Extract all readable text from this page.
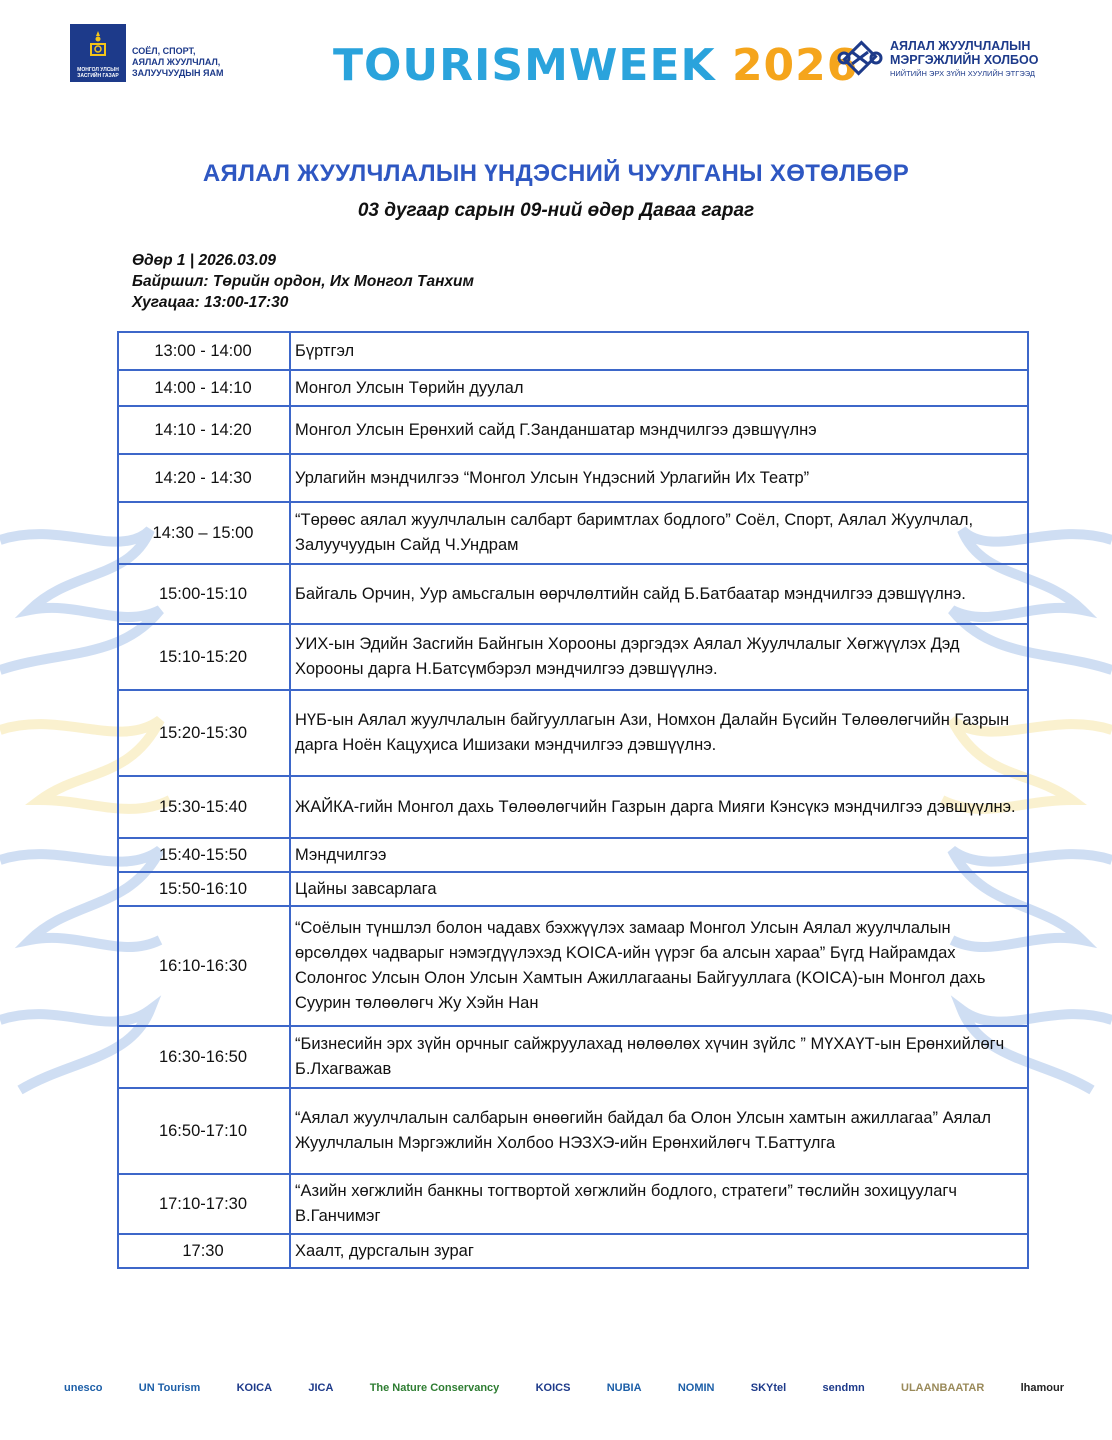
МОНГОЛ УЛСЫН ЗАСГИЙН ГАЗАР
СОЁЛ, СПОРТ,
АЯЛАЛ ЖУУЛЧЛАЛ,
ЗАЛУУЧУУДЫН ЯАМ TOURISMWEEK 2026	АЯЛАЛ ЖУУЛЧЛАЛЫН
МЭРГЭЖЛИЙН ХОЛБОО
НИЙТИЙН ЭРХ ЗҮЙН ХУУЛИЙН ЭТГЭЭД
АЯЛАЛ ЖУУЛЧЛАЛЫН ҮНДЭСНИЙ ЧУУЛГАНЫ ХӨТӨЛБӨР
03 дугаар сарын 09-ний өдөр Даваа гараг
Өдөр 1 | 2026.03.09
Байршил: Төрийн ордон, Их Монгол Танхим
Хугацаа: 13:00-17:30
13:00 - 14:00	Бүртгэл
14:00 - 14:10	Монгол Улсын Төрийн дуулал
14:10 - 14:20	Монгол Улсын Ерөнхий сайд Г.Занданшатар мэндчилгээ дэвшүүлнэ
14:20 - 14:30	Урлагийн мэндчилгээ “Монгол Улсын Үндэсний Урлагийн Их Театр”
14:30 – 15:00	“Төрөөс аялал жуулчлалын салбарт баримтлах бодлого” Соёл, Спорт, Аялал Жуулчлал, Залуучуудын Сайд Ч.Ундрам
15:00-15:10	Байгаль Орчин, Уур амьсгалын өөрчлөлтийн сайд Б.Батбаатар мэндчилгээ дэвшүүлнэ.
15:10-15:20	УИХ-ын Эдийн Засгийн Байнгын Хорооны дэргэдэх Аялал Жуулчлалыг Хөгжүүлэх Дэд Хорооны дарга Н.Батсүмбэрэл мэндчилгээ дэвшүүлнэ.
15:20-15:30	НҮБ-ын Аялал жуулчлалын байгууллагын Ази, Номхон Далайн Бүсийн Төлөөлөгчийн Газрын дарга Ноён Кацуҳиса Ишизаки мэндчилгээ дэвшүүлнэ.
15:30-15:40	ЖАЙКА-гийн Монгол дахь Төлөөлөгчийн Газрын дарга Мияги Кэнсүкэ мэндчилгээ дэвшүүлнэ.
15:40-15:50	Мэндчилгээ
15:50-16:10	Цайны завсарлага
16:10-16:30	“Соёлын түншлэл болон чадавх бэхжүүлэх замаар Монгол Улсын Аялал жуулчлалын өрсөлдөх чадварыг нэмэгдүүлэхэд KOICA-ийн үүрэг ба алсын хараа” Бүгд Найрамдах Солонгос Улсын Олон Улсын Хамтын Ажиллагааны Байгууллага (KOICA)-ын Монгол дахь Суурин төлөөлөгч Жу Хэйн Нан
16:30-16:50	“Бизнесийн эрх зүйн орчныг сайжруулахад нөлөөлөх хүчин зүйлс ” МҮХАҮТ-ын Ерөнхийлөгч Б.Лхагважав
16:50-17:10	“Аялал жуулчлалын салбарын өнөөгийн байдал ба Олон Улсын хамтын ажиллагаа” Аялал Жуулчлалын Мэргэжлийн Холбоо НЭЗХЭ-ийн Ерөнхийлөгч Т.Баттулга
17:10-17:30	“Азийн хөгжлийн банкны тогтвортой хөгжлийн бодлого, стратеги” төслийн зохицуулагч В.Ганчимэг
17:30	Хаалт, дурсгалын зураг
unesco	UN Tourism	KOICA	JICA	The Nature Conservancy	KOICS	NUBIA	NOMIN	SKYtel	sendmn	ULAANBAATAR	lhamour
